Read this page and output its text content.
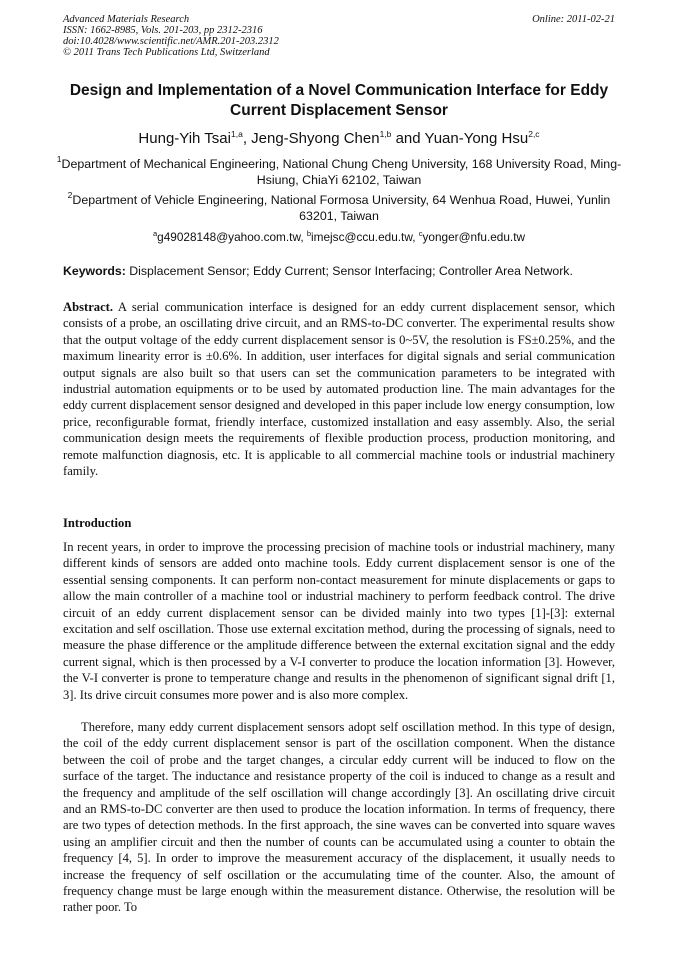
Advanced Materials Research
ISSN: 1662-8985, Vols. 201-203, pp 2312-2316
doi:10.4028/www.scientific.net/AMR.201-203.2312
© 2011 Trans Tech Publications Ltd, Switzerland
Online: 2011-02-21
Design and Implementation of a Novel Communication Interface for Eddy Current Displacement Sensor
Hung-Yih Tsai$^{1,a}$, Jeng-Shyong Chen$^{1,b}$ and Yuan-Yong Hsu$^{2,c}$
$^1$Department of Mechanical Engineering, National Chung Cheng University, 168 University Road, Ming-Hsiung, ChiaYi 62102, Taiwan
$^2$Department of Vehicle Engineering, National Formosa University, 64 Wenhua Road, Huwei, Yunlin 63201, Taiwan
$^a$g49028148@yahoo.com.tw, $^b$imejsc@ccu.edu.tw, $^c$yonger@nfu.edu.tw
Keywords: Displacement Sensor; Eddy Current; Sensor Interfacing; Controller Area Network.
Abstract. A serial communication interface is designed for an eddy current displacement sensor, which consists of a probe, an oscillating drive circuit, and an RMS-to-DC converter. The experimental results show that the output voltage of the eddy current displacement sensor is 0~5V, the resolution is FS±0.25%, and the maximum linearity error is ±0.6%. In addition, user interfaces for digital signals and serial communication output signals are also built so that users can set the communication parameters to be integrated with industrial automation equipments or to be used by automated production line. The main advantages for the eddy current displacement sensor designed and developed in this paper include low energy consumption, low price, reconfigurable format, friendly interface, customized installation and easy assembly. Also, the serial communication design meets the requirements of flexible production process, production monitoring, and remote malfunction diagnosis, etc. It is applicable to all commercial machine tools or industrial machinery family.
Introduction
In recent years, in order to improve the processing precision of machine tools or industrial machinery, many different kinds of sensors are added onto machine tools. Eddy current displacement sensor is one of the essential sensing components. It can perform non-contact measurement for minute displacements or gaps to allow the main controller of a machine tool or industrial machinery to perform feedback control. The drive circuit of an eddy current displacement sensor can be divided mainly into two types [1]-[3]: external excitation and self oscillation. Those use external excitation method, during the processing of signals, need to measure the phase difference or the amplitude difference between the external excitation signal and the eddy current signal, which is then processed by a V-I converter to produce the location information [3]. However, the V-I converter is prone to temperature change and results in the phenomenon of significant signal drift [1, 3]. Its drive circuit consumes more power and is also more complex.
Therefore, many eddy current displacement sensors adopt self oscillation method. In this type of design, the coil of the eddy current displacement sensor is part of the oscillation component. When the distance between the coil of probe and the target changes, a circular eddy current will be induced to flow on the surface of the target. The inductance and resistance property of the coil is induced to change as a result and the frequency and amplitude of the self oscillation will change accordingly [3]. An oscillating drive circuit and an RMS-to-DC converter are then used to produce the location information. In terms of frequency, there are two types of detection methods. In the first approach, the sine waves can be converted into square waves using an amplifier circuit and then the number of counts can be accumulated using a counter to obtain the frequency [4, 5]. In order to improve the measurement accuracy of the displacement, it usually needs to increase the frequency of self oscillation or the accumulating time of the counter. Also, the amount of frequency change must be large enough within the measurement distance. Otherwise, the resolution will be rather poor. To
